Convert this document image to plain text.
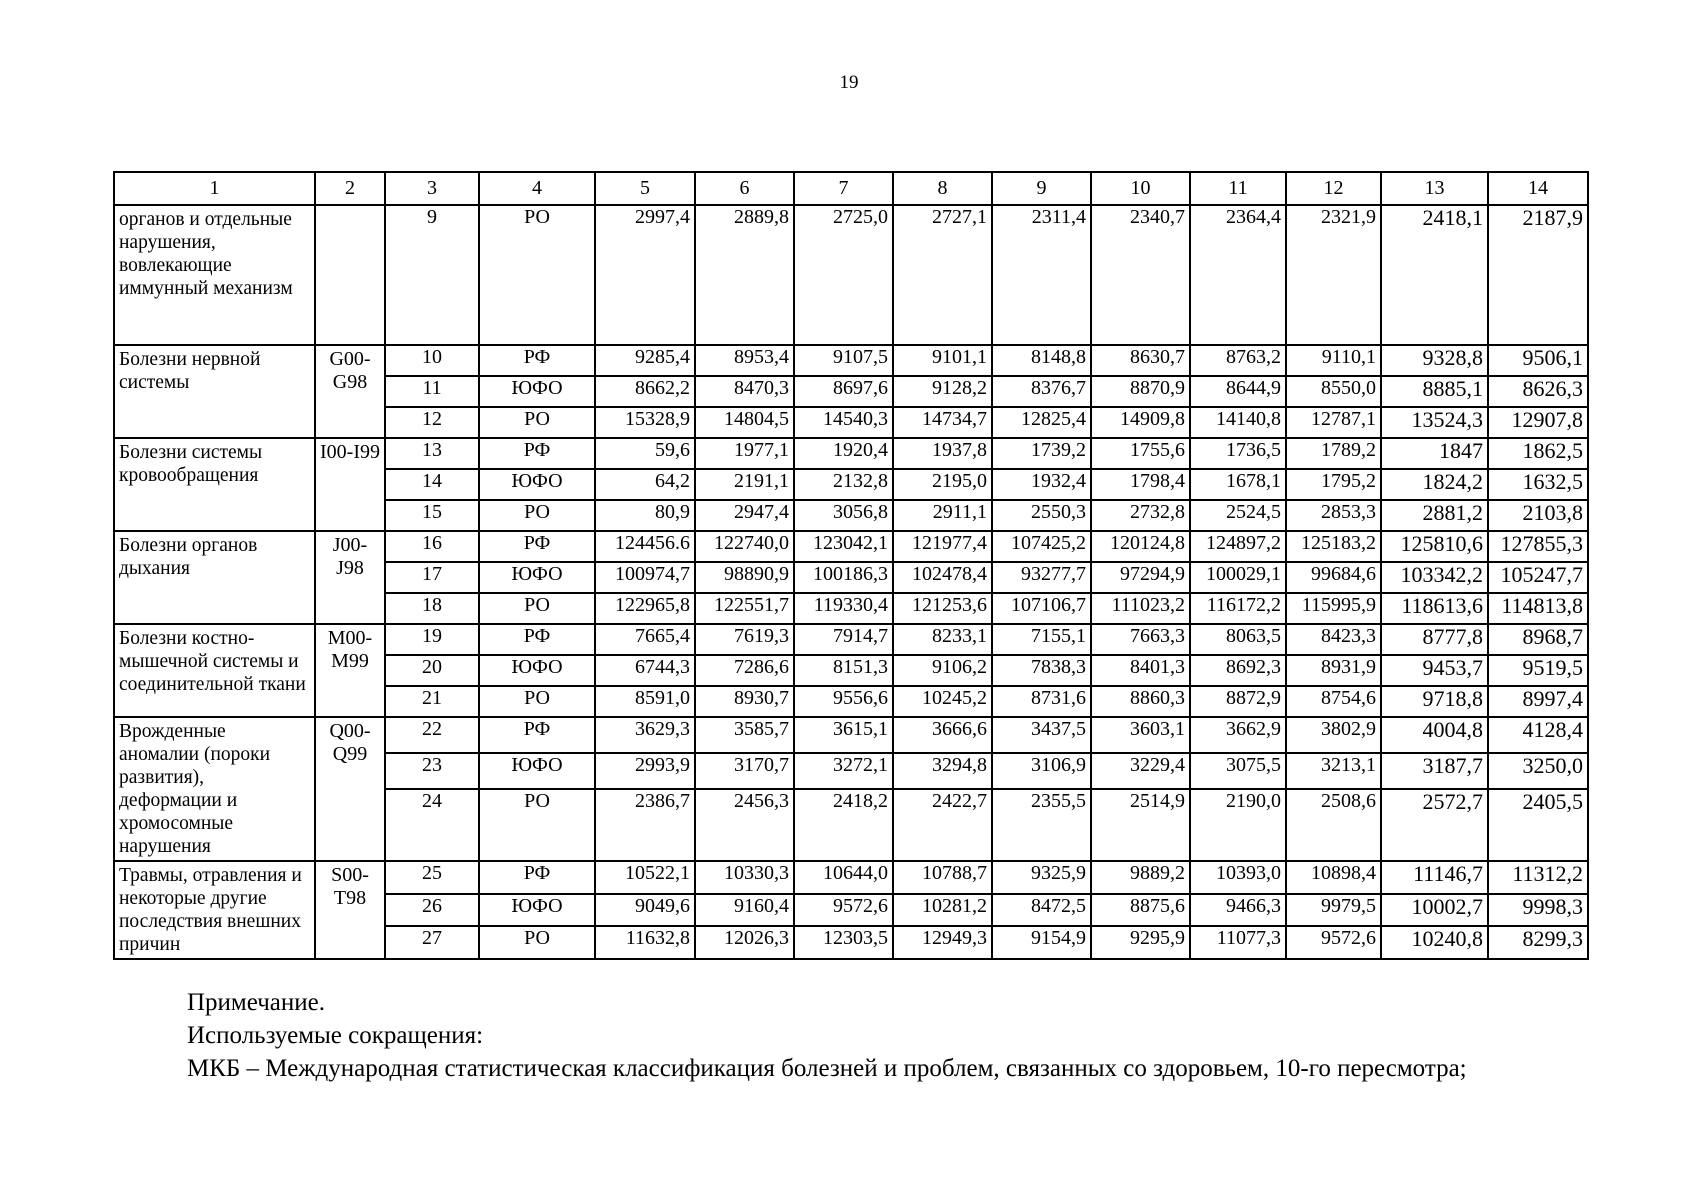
19
1	2	3	4	5	6	7	8	9	10	11	12	13	14
органов и отдельные нарушения, вовлекающие иммунный механизм		9	РО	2997,4	2889,8	2725,0	2727,1	2311,4	2340,7	2364,4	2321,9	2418,1	2187,9
Болезни нервной системы	G00-G98	10	РФ	9285,4	8953,4	9107,5	9101,1	8148,8	8630,7	8763,2	9110,1	9328,8	9506,1
		11	ЮФО	8662,2	8470,3	8697,6	9128,2	8376,7	8870,9	8644,9	8550,0	8885,1	8626,3
		12	РО	15328,9	14804,5	14540,3	14734,7	12825,4	14909,8	14140,8	12787,1	13524,3	12907,8
Болезни системы кровообращения	I00-I99	13	РФ	59,6	1977,1	1920,4	1937,8	1739,2	1755,6	1736,5	1789,2	1847	1862,5
		14	ЮФО	64,2	2191,1	2132,8	2195,0	1932,4	1798,4	1678,1	1795,2	1824,2	1632,5
		15	РО	80,9	2947,4	3056,8	2911,1	2550,3	2732,8	2524,5	2853,3	2881,2	2103,8
Болезни органов дыхания	J00-J98	16	РФ	124456.6	122740,0	123042,1	121977,4	107425,2	120124,8	124897,2	125183,2	125810,6	127855,3
		17	ЮФО	100974,7	98890,9	100186,3	102478,4	93277,7	97294,9	100029,1	99684,6	103342,2	105247,7
		18	РО	122965,8	122551,7	119330,4	121253,6	107106,7	111023,2	116172,2	115995,9	118613,6	114813,8
Болезни костно-мышечной системы и соединительной ткани	M00-M99	19	РФ	7665,4	7619,3	7914,7	8233,1	7155,1	7663,3	8063,5	8423,3	8777,8	8968,7
		20	ЮФО	6744,3	7286,6	8151,3	9106,2	7838,3	8401,3	8692,3	8931,9	9453,7	9519,5
		21	РО	8591,0	8930,7	9556,6	10245,2	8731,6	8860,3	8872,9	8754,6	9718,8	8997,4
Врожденные аномалии (пороки развития), деформации и хромосомные нарушения	Q00-Q99	22	РФ	3629,3	3585,7	3615,1	3666,6	3437,5	3603,1	3662,9	3802,9	4004,8	4128,4
		23	ЮФО	2993,9	3170,7	3272,1	3294,8	3106,9	3229,4	3075,5	3213,1	3187,7	3250,0
		24	РО	2386,7	2456,3	2418,2	2422,7	2355,5	2514,9	2190,0	2508,6	2572,7	2405,5
Травмы, отравления и некоторые другие последствия внешних причин	S00-T98	25	РФ	10522,1	10330,3	10644,0	10788,7	9325,9	9889,2	10393,0	10898,4	11146,7	11312,2
		26	ЮФО	9049,6	9160,4	9572,6	10281,2	8472,5	8875,6	9466,3	9979,5	10002,7	9998,3
		27	РО	11632,8	12026,3	12303,5	12949,3	9154,9	9295,9	11077,3	9572,6	10240,8	8299,3

Примечание.

Используемые сокращения:

МКБ – Международная статистическая классификация болезней и проблем, связанных со здоровьем, 10-го пересмотра;
